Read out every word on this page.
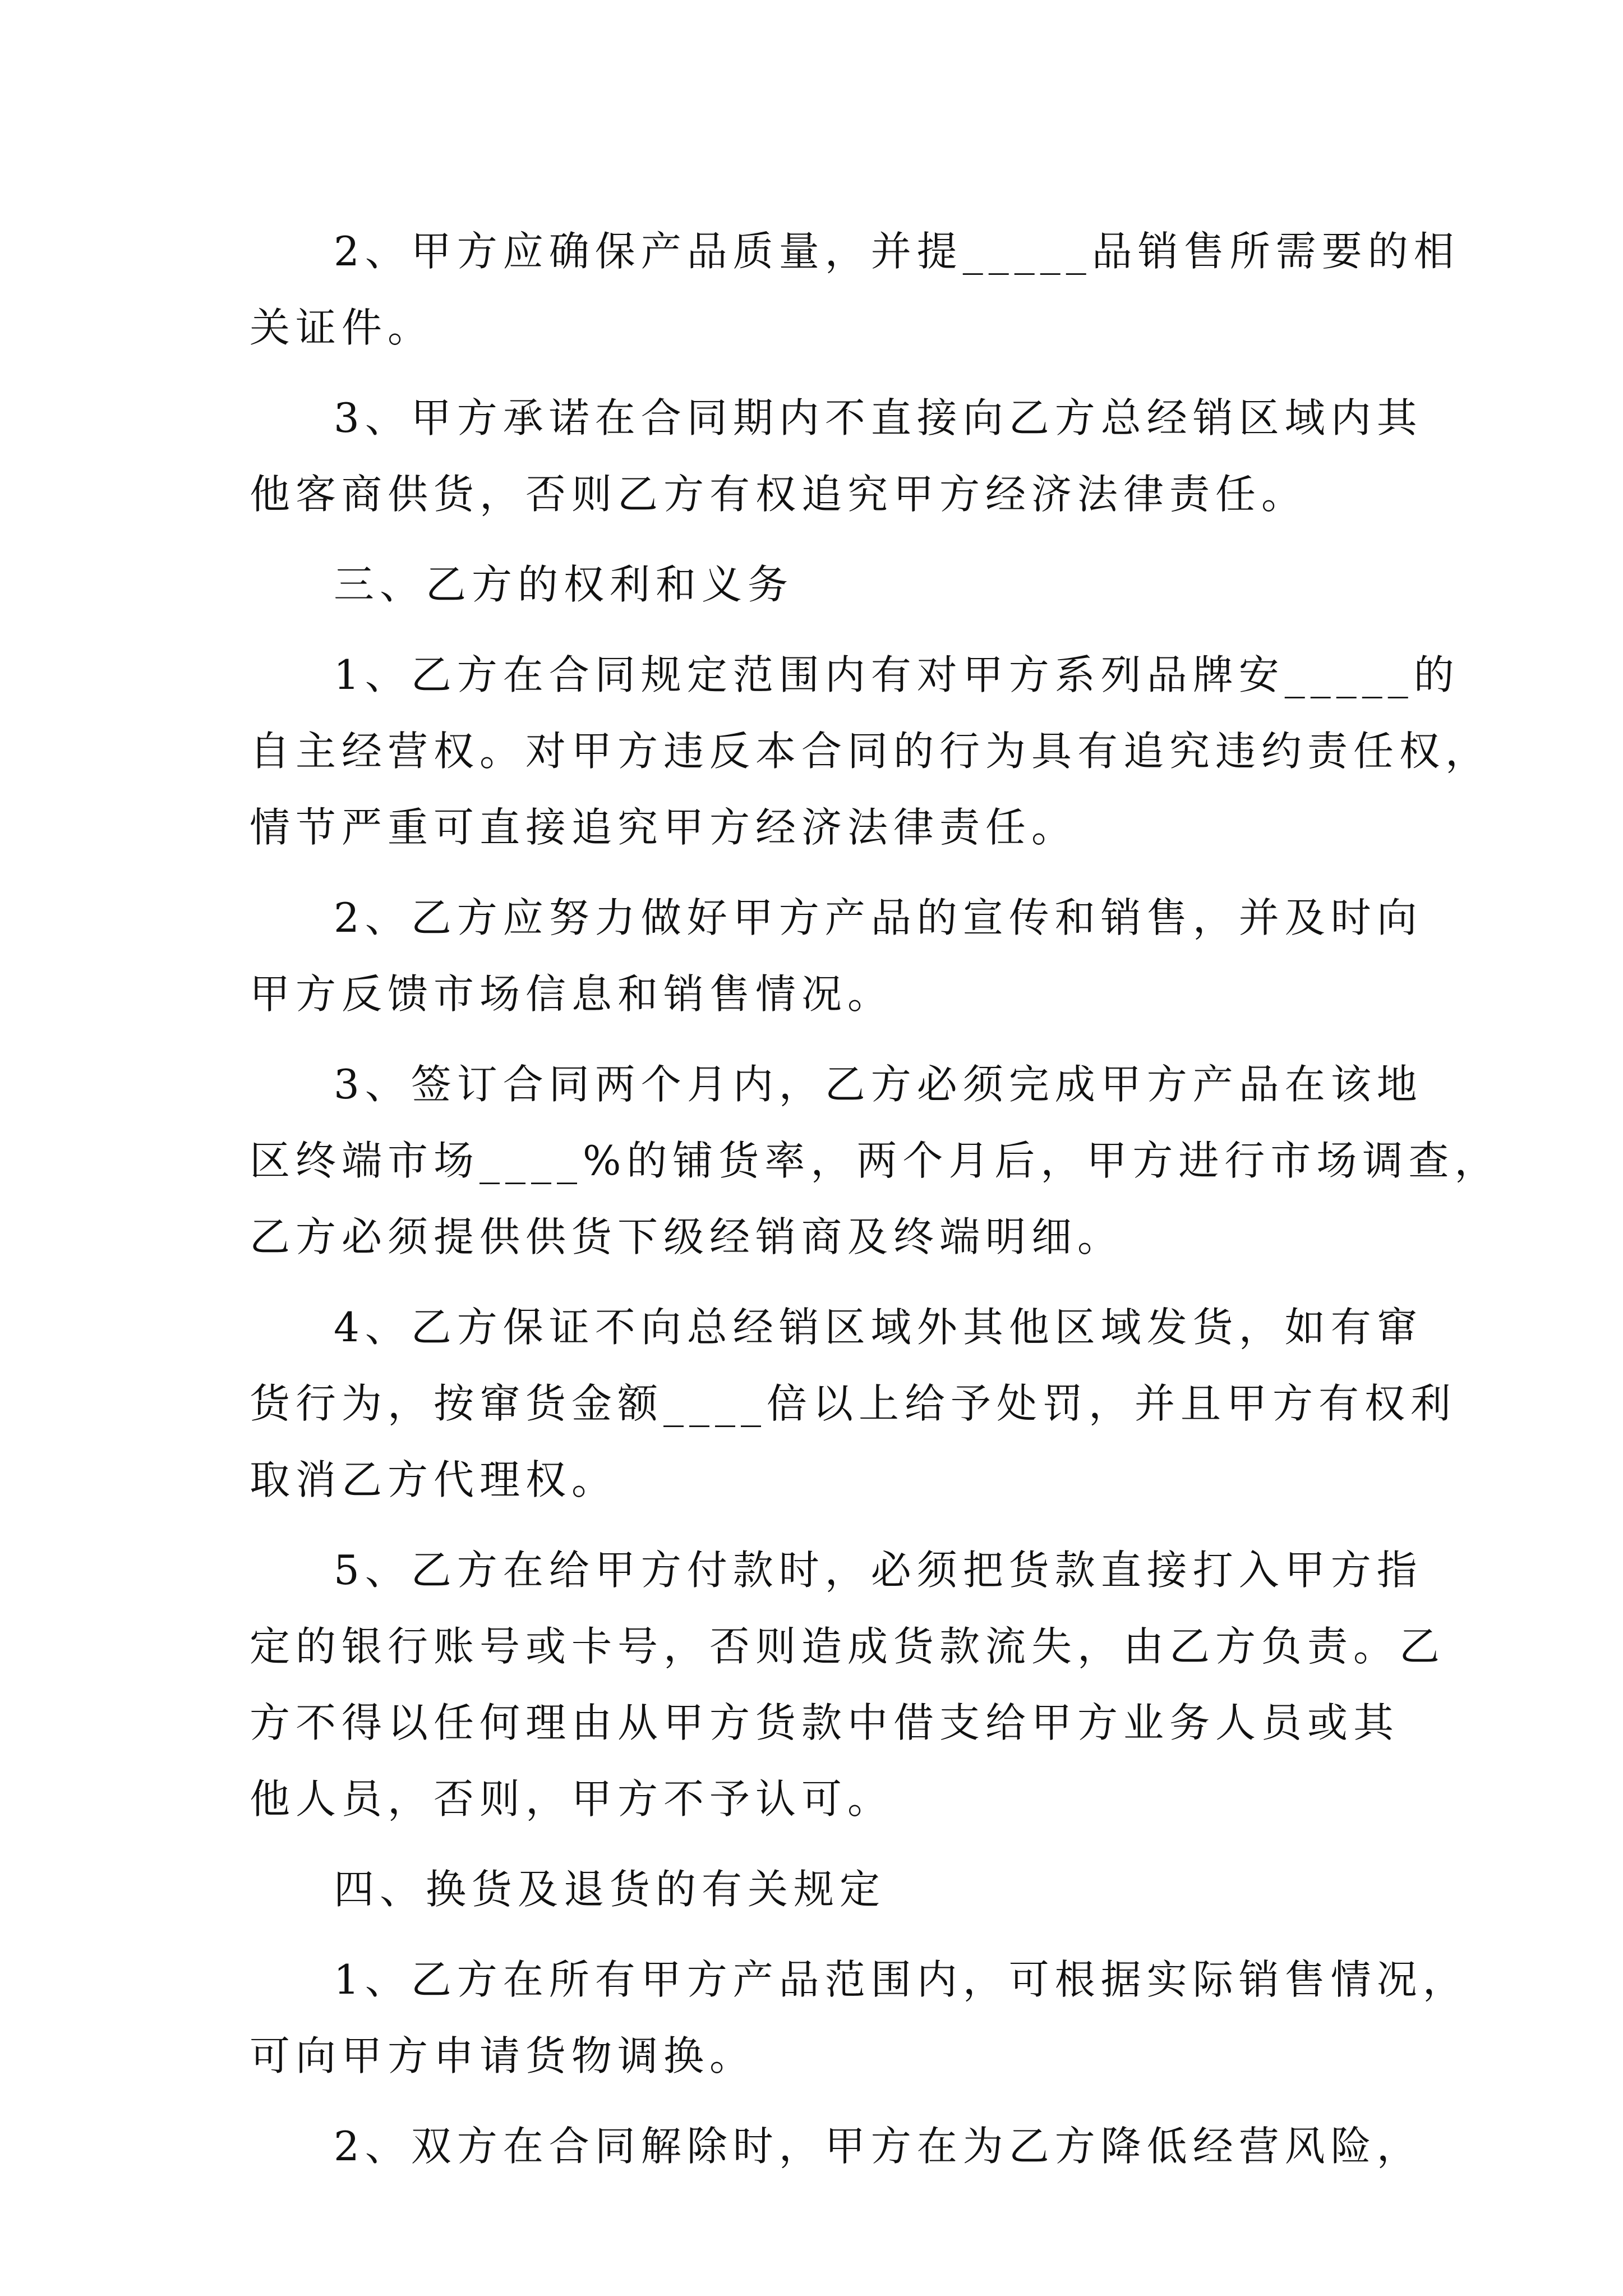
2、甲方应确保产品质量，并提_____品销售所需要的相
关证件。
3、甲方承诺在合同期内不直接向乙方总经销区域内其
他客商供货，否则乙方有权追究甲方经济法律责任。
三、乙方的权利和义务
1、乙方在合同规定范围内有对甲方系列品牌安_____的
自主经营权。对甲方违反本合同的行为具有追究违约责任权，
情节严重可直接追究甲方经济法律责任。
2、乙方应努力做好甲方产品的宣传和销售，并及时向
甲方反馈市场信息和销售情况。
3、签订合同两个月内，乙方必须完成甲方产品在该地
区终端市场____%的铺货率，两个月后，甲方进行市场调查，
乙方必须提供供货下级经销商及终端明细。
4、乙方保证不向总经销区域外其他区域发货，如有窜
货行为，按窜货金额____倍以上给予处罚，并且甲方有权利
取消乙方代理权。
5、乙方在给甲方付款时，必须把货款直接打入甲方指
定的银行账号或卡号，否则造成货款流失，由乙方负责。乙
方不得以任何理由从甲方货款中借支给甲方业务人员或其
他人员，否则，甲方不予认可。
四、换货及退货的有关规定
1、乙方在所有甲方产品范围内，可根据实际销售情况，
可向甲方申请货物调换。
2、双方在合同解除时，甲方在为乙方降低经营风险，
